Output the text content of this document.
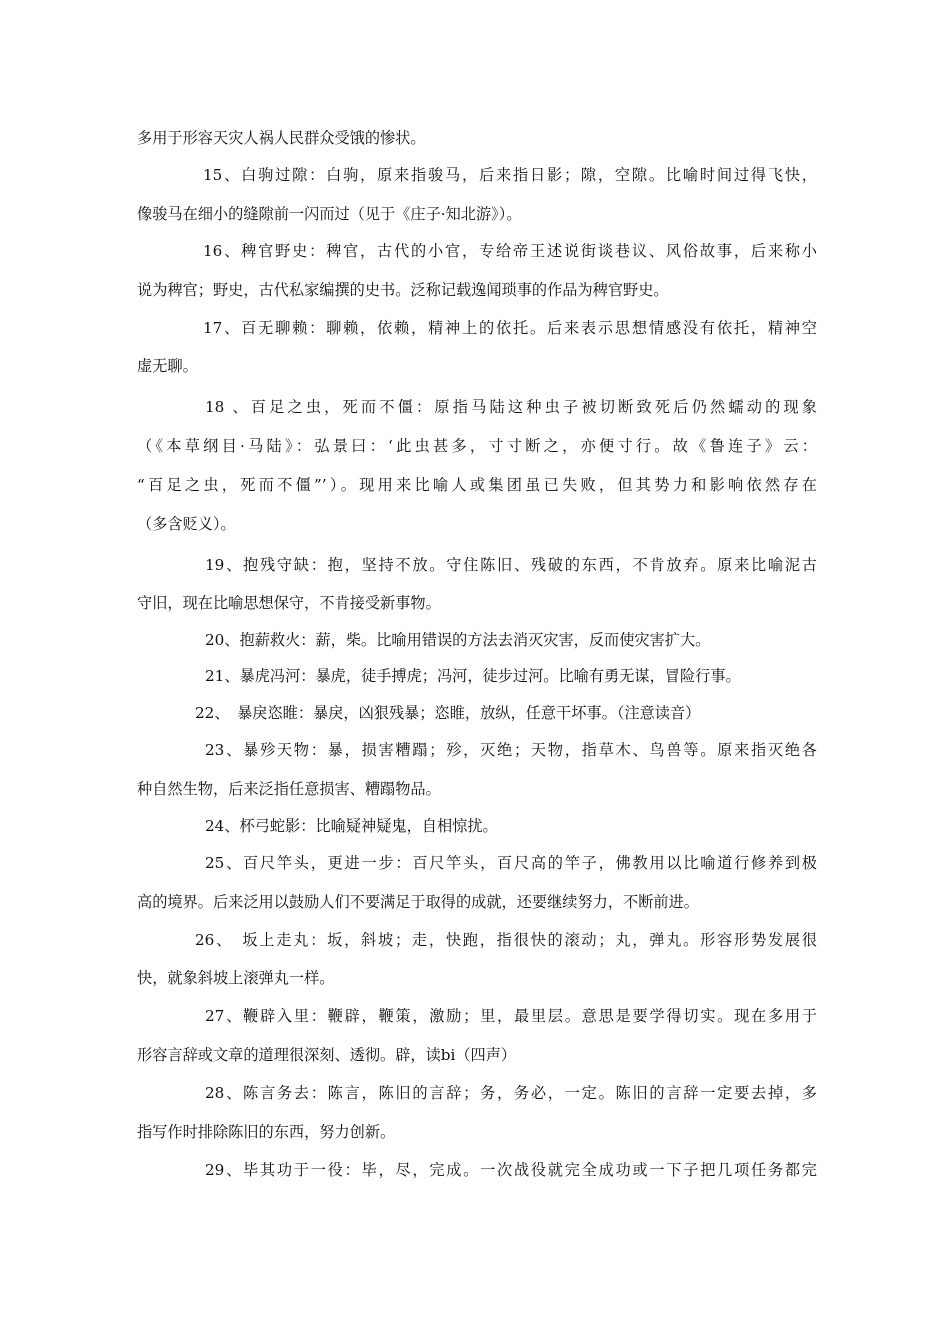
多用于形容天灾人祸人民群众受饿的惨状。
15、白驹过隙：白驹，原来指骏马，后来指日影；隙，空隙。比喻时间过得飞快，
像骏马在细小的缝隙前一闪而过（见于《庄子·知北游》）。
16、稗官野史：稗官，古代的小官，专给帝王述说街谈巷议、风俗故事，后来称小
说为稗官；野史，古代私家编撰的史书。泛称记载逸闻琐事的作品为稗官野史。
17、百无聊赖：聊赖，依赖，精神上的依托。后来表示思想情感没有依托，精神空
虚无聊。
18 、百足之虫，死而不僵：原指马陆这种虫子被切断致死后仍然蠕动的现象
（《本草纲目·马陆》：弘景曰：‘此虫甚多，寸寸断之，亦便寸行。故《鲁连子》云：
“百足之虫，死而不僵”’）。现用来比喻人或集团虽已失败，但其势力和影响依然存在
（多含贬义）。
19、抱残守缺：抱，坚持不放。守住陈旧、残破的东西，不肯放弃。原来比喻泥古
守旧，现在比喻思想保守，不肯接受新事物。
20、抱薪救火：薪，柴。比喻用错误的方法去消灭灾害，反而使灾害扩大。
21、暴虎冯河：暴虎，徒手搏虎；冯河，徒步过河。比喻有勇无谋，冒险行事。
22、　暴戾恣睢：暴戾，凶狠残暴；恣睢，放纵，任意干坏事。（注意读音）
23、暴殄天物：暴，损害糟蹋；殄，灭绝；天物，指草木、鸟兽等。原来指灭绝各
种自然生物，后来泛指任意损害、糟蹋物品。
24、杯弓蛇影：比喻疑神疑鬼，自相惊扰。
25、百尺竿头，更进一步：百尺竿头，百尺高的竿子，佛教用以比喻道行修养到极
高的境界。后来泛用以鼓励人们不要满足于取得的成就，还要继续努力，不断前进。
26、　坂上走丸：坂，斜坡；走，快跑，指很快的滚动；丸，弹丸。形容形势发展很
快，就象斜坡上滚弹丸一样。
27、鞭辟入里：鞭辟，鞭策，激励；里，最里层。意思是要学得切实。现在多用于
形容言辞或文章的道理很深刻、透彻。辟，读bi（四声）
28、陈言务去：陈言，陈旧的言辞；务，务必，一定。陈旧的言辞一定要去掉，多
指写作时排除陈旧的东西，努力创新。
29、毕其功于一役：毕，尽，完成。一次战役就完全成功或一下子把几项任务都完
